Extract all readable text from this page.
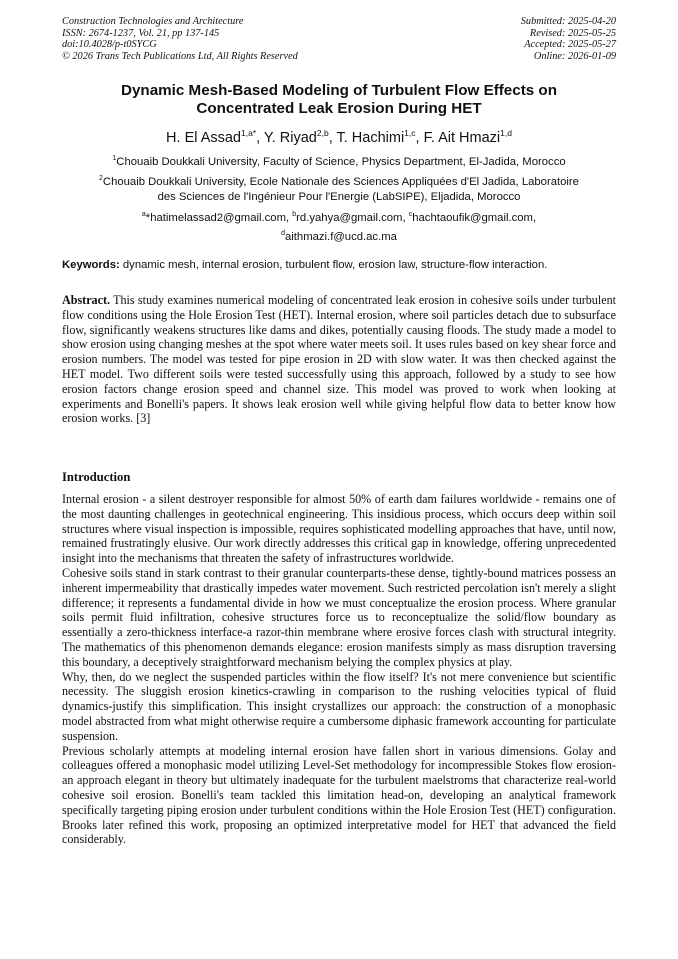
Construction Technologies and Architecture
ISSN: 2674-1237, Vol. 21, pp 137-145
doi:10.4028/p-t0SYCG
© 2026 Trans Tech Publications Ltd, All Rights Reserved
Submitted: 2025-04-20
Revised: 2025-05-25
Accepted: 2025-05-27
Online: 2026-01-09
Dynamic Mesh-Based Modeling of Turbulent Flow Effects on
Concentrated Leak Erosion During HET
H. El Assad$^{1,a*}$, Y. Riyad$^{2,b}$, T. Hachimi$^{1,c}$, F. Ait Hmazi$^{1,d}$
$^1$Chouaib Doukkali University, Faculty of Science, Physics Department, El-Jadida, Morocco
$^2$Chouaib Doukkali University, Ecole Nationale des Sciences Appliquées d'El Jadida, Laboratoire
des Sciences de l'Ingénieur Pour l'Energie (LabSIPE), Eljadida, Morocco
$^a$*hatimelassad2@gmail.com, $^b$rd.yahya@gmail.com, $^c$hachtaoufik@gmail.com,
$^d$aithmazi.f@ucd.ac.ma
Keywords: dynamic mesh, internal erosion, turbulent flow, erosion law, structure-flow interaction.
Abstract. This study examines numerical modeling of concentrated leak erosion in cohesive soils under turbulent flow conditions using the Hole Erosion Test (HET). Internal erosion, where soil particles detach due to subsurface flow, significantly weakens structures like dams and dikes, potentially causing floods. The study made a model to show erosion using changing meshes at the spot where water meets soil. It uses rules based on key shear force and erosion numbers. The model was tested for pipe erosion in 2D with slow water. It was then checked against the HET model. Two different soils were tested successfully using this approach, followed by a study to see how erosion factors change erosion speed and channel size. This model was proved to work when looking at experiments and Bonelli's papers. It shows leak erosion well while giving helpful flow data to better know how erosion works. [3]
Introduction

Internal erosion - a silent destroyer responsible for almost 50% of earth dam failures worldwide - remains one of the most daunting challenges in geotechnical engineering. This insidious process, which occurs deep within soil structures where visual inspection is impossible, requires sophisticated modelling approaches that have, until now, remained frustratingly elusive. Our work directly addresses this critical gap in knowledge, offering unprecedented insight into the mechanisms that threaten the safety of infrastructures worldwide.

Cohesive soils stand in stark contrast to their granular counterparts-these dense, tightly-bound matrices possess an inherent impermeability that drastically impedes water movement. Such restricted percolation isn't merely a slight difference; it represents a fundamental divide in how we must conceptualize the erosion process. Where granular soils permit fluid infiltration, cohesive structures force us to reconceptualize the solid/flow boundary as essentially a zero-thickness interface-a razor-thin membrane where erosive forces clash with structural integrity. The mathematics of this phenomenon demands elegance: erosion manifests simply as mass disruption traversing this boundary, a deceptively straightforward mechanism belying the complex physics at play.

Why, then, do we neglect the suspended particles within the flow itself? It's not mere convenience but scientific necessity. The sluggish erosion kinetics-crawling in comparison to the rushing velocities typical of fluid dynamics-justify this simplification. This insight crystallizes our approach: the construction of a monophasic model abstracted from what might otherwise require a cumbersome diphasic framework accounting for particulate suspension.

Previous scholarly attempts at modeling internal erosion have fallen short in various dimensions. Golay and colleagues offered a monophasic model utilizing Level-Set methodology for incompressible Stokes flow erosion-an approach elegant in theory but ultimately inadequate for the turbulent maelstroms that characterize real-world cohesive soil erosion. Bonelli's team tackled this limitation head-on, developing an analytical framework specifically targeting piping erosion under turbulent conditions within the Hole Erosion Test (HET) configuration. Brooks later refined this work, proposing an optimized interpretative model for HET that advanced the field considerably.
